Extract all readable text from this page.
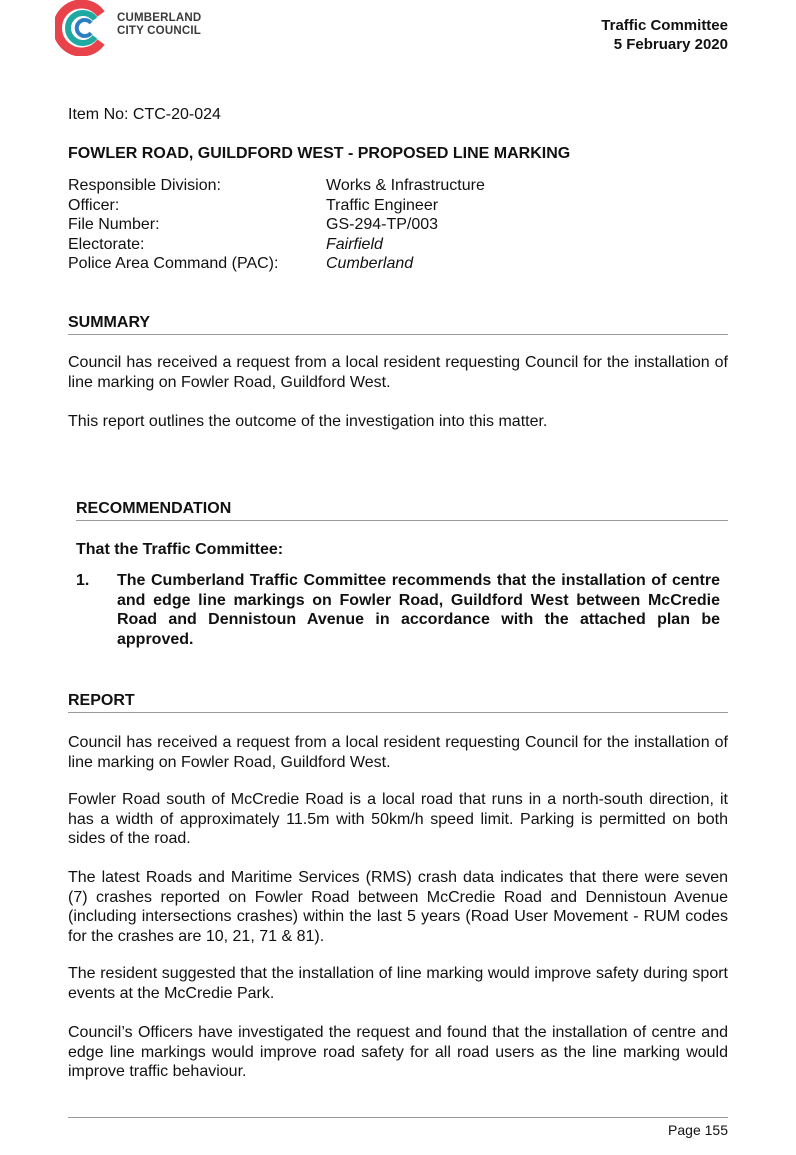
CUMBERLAND
CITY COUNCIL	Traffic Committee
5 February 2020
Item No: CTC-20-024
FOWLER ROAD, GUILDFORD WEST - PROPOSED LINE MARKING
Responsible Division:	Works & Infrastructure
Officer:	Traffic Engineer
File Number:	GS-294-TP/003
Electorate:	Fairfield
Police Area Command (PAC):	Cumberland
SUMMARY
Council has received a request from a local resident requesting Council for the installation of line marking on Fowler Road, Guildford West.
This report outlines the outcome of the investigation into this matter.
RECOMMENDATION
That the Traffic Committee:
1.	The Cumberland Traffic Committee recommends that the installation of centre and edge line markings on Fowler Road, Guildford West between McCredie Road and Dennistoun Avenue in accordance with the attached plan be approved.
REPORT
Council has received a request from a local resident requesting Council for the installation of line marking on Fowler Road, Guildford West.
Fowler Road south of McCredie Road is a local road that runs in a north-south direction, it has a width of approximately 11.5m with 50km/h speed limit. Parking is permitted on both sides of the road.
The latest Roads and Maritime Services (RMS) crash data indicates that there were seven (7) crashes reported on Fowler Road between McCredie Road and Dennistoun Avenue (including intersections crashes) within the last 5 years (Road User Movement - RUM codes for the crashes are 10, 21, 71 & 81).
The resident suggested that the installation of line marking would improve safety during sport events at the McCredie Park.
Council’s Officers have investigated the request and found that the installation of centre and edge line markings would improve road safety for all road users as the line marking would improve traffic behaviour.
Page 155
